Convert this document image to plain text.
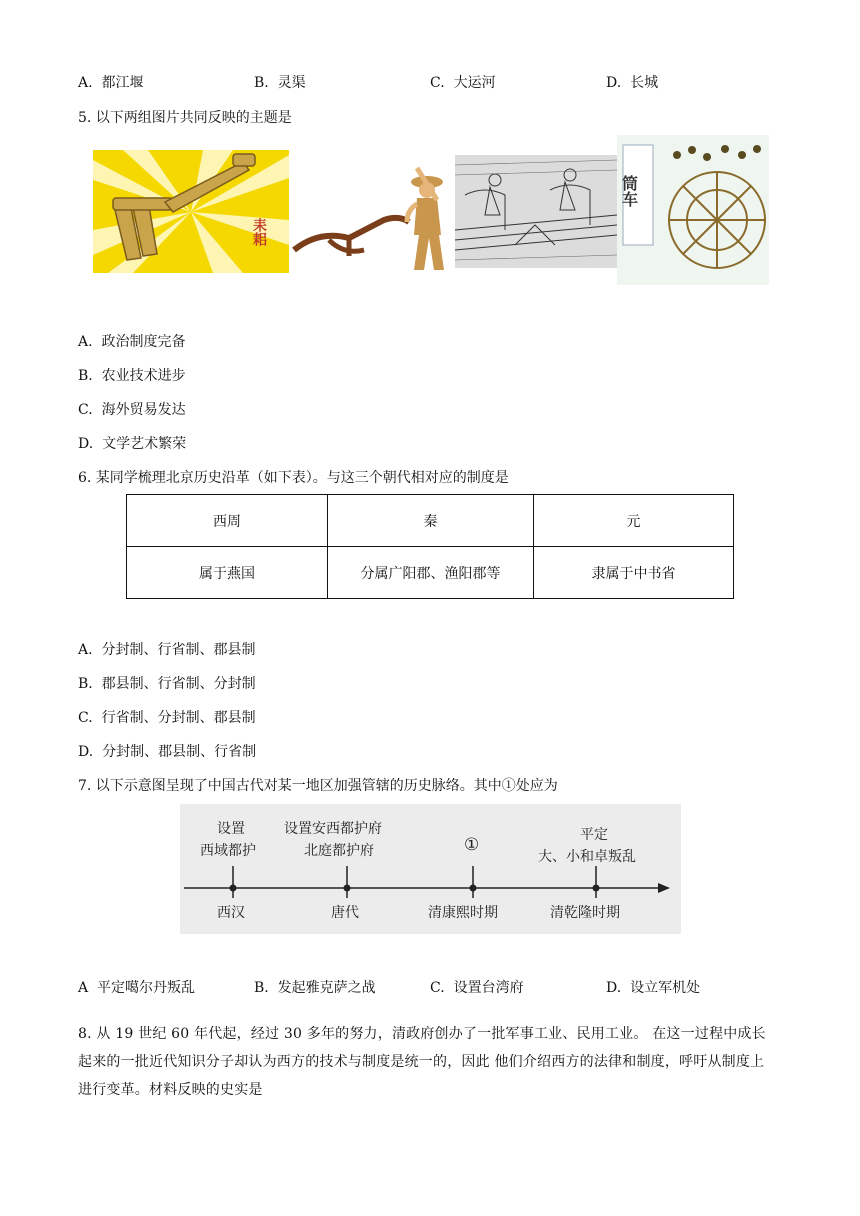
A. 都江堰	B. 灵渠	C. 大运河	D. 长城
5. 以下两组图片共同反映的主题是
耒耜
筒车
A. 政治制度完备
B. 农业技术进步
C. 海外贸易发达
D. 文学艺术繁荣
6. 某同学梳理北京历史沿革（如下表）。与这三个朝代相对应的制度是
西周	秦	元
属于燕国	分属广阳郡、渔阳郡等	隶属于中书省
A. 分封制、行省制、郡县制
B. 郡县制、行省制、分封制
C. 行省制、分封制、郡县制
D. 分封制、郡县制、行省制
7. 以下示意图呈现了中国古代对某一地区加强管辖的历史脉络。其中①处应为
设置
西域都护
西汉
设置安西都护府
北庭都护府
唐代
①
清康熙时期
平定
大、小和卓叛乱
清乾隆时期
A 平定噶尔丹叛乱	B. 发起雅克萨之战	C. 设置台湾府	D. 设立军机处
8. 从 19 世纪 60 年代起，经过 30 多年的努力，清政府创办了一批军事工业、民用工业。 在这一过程中成长起来的一批近代知识分子却认为西方的技术与制度是统一的，因此 他们介绍西方的法律和制度，呼吁从制度上进行变革。材料反映的史实是
